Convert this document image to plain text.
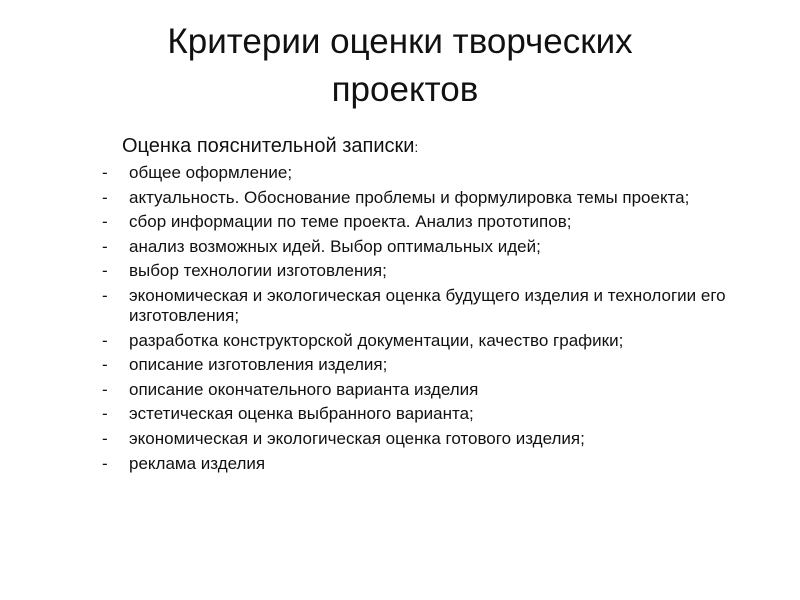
Критерии оценки творческих
проектов

Оценка пояснительной записки:

- общее оформление;
- актуальность. Обоснование проблемы и формулировка темы проекта;
- сбор информации по теме проекта. Анализ прототипов;
- анализ возможных идей. Выбор оптимальных идей;
- выбор технологии изготовления;
- экономическая и экологическая оценка будущего изделия и технологии его изготовления;
- разработка конструкторской документации, качество графики;
- описание изготовления изделия;
- описание окончательного варианта изделия
- эстетическая оценка выбранного варианта;
- экономическая и экологическая оценка готового изделия;
- реклама изделия
